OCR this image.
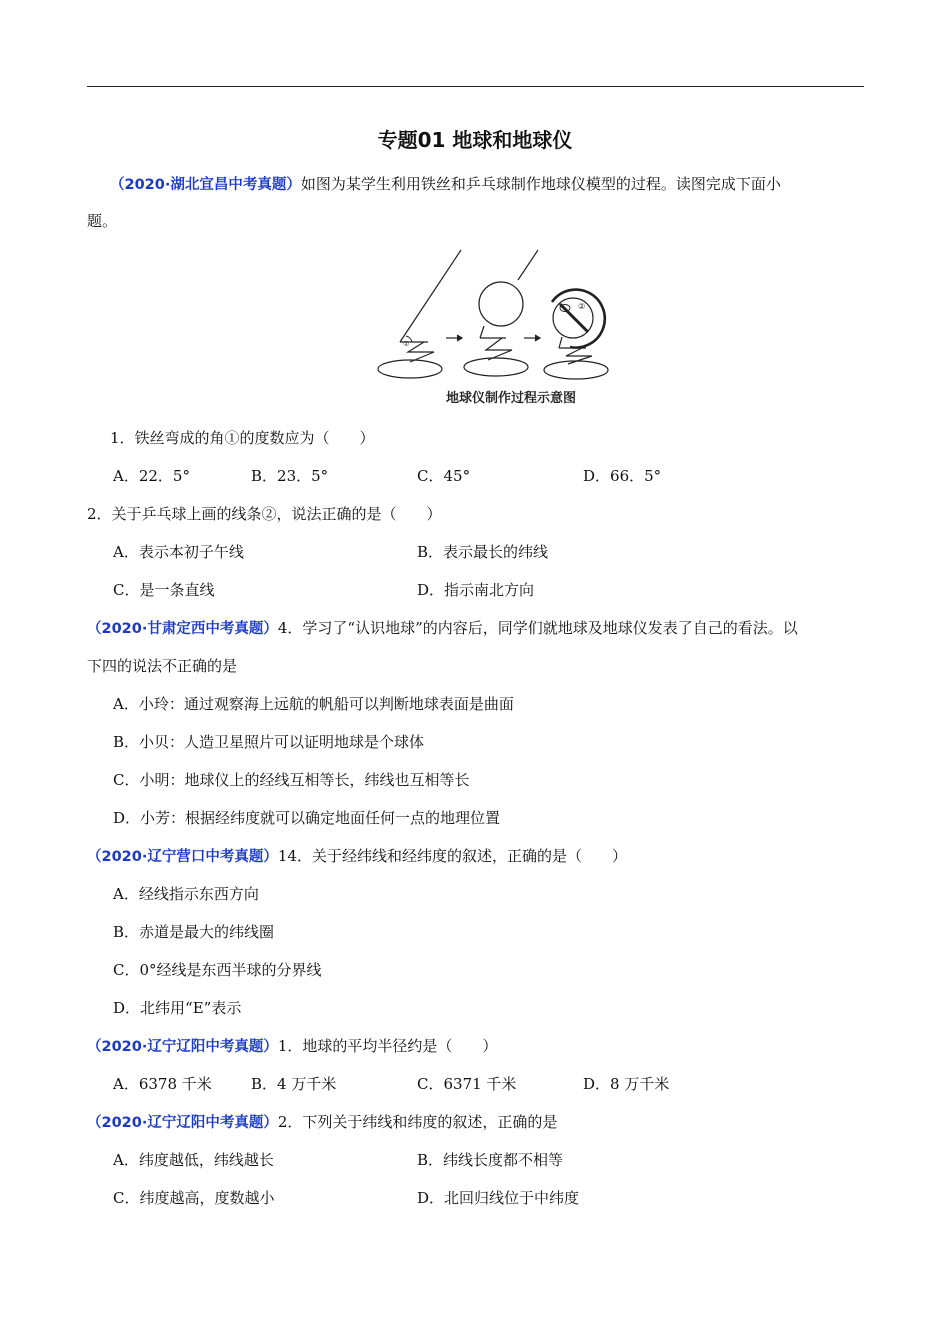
专题01 地球和地球仪
（2020·湖北宜昌中考真题）如图为某学生利用铁丝和乒乓球制作地球仪模型的过程。读图完成下面小
题。
①
②
地球仪制作过程示意图
1．铁丝弯成的角①的度数应为（　　）
A．22．5°	B．23．5°	C．45°	D．66．5°
2．关于乒乓球上画的线条②，说法正确的是（　　）
A．表示本初子午线	B．表示最长的纬线
C．是一条直线	D．指示南北方向
（2020·甘肃定西中考真题）4．学习了“认识地球”的内容后，同学们就地球及地球仪发表了自己的看法。以
下四的说法不正确的是
A．小玲：通过观察海上远航的帆船可以判断地球表面是曲面
B．小贝：人造卫星照片可以证明地球是个球体
C．小明：地球仪上的经线互相等长，纬线也互相等长
D．小芳：根据经纬度就可以确定地面任何一点的地理位置
（2020·辽宁营口中考真题）14．关于经纬线和经纬度的叙述，正确的是（　　）
A．经线指示东西方向
B．赤道是最大的纬线圈
C．0°经线是东西半球的分界线
D．北纬用“E”表示
（2020·辽宁辽阳中考真题）1．地球的平均半径约是（　　）
A．6378 千米	B．4 万千米	C．6371 千米	D．8 万千米
（2020·辽宁辽阳中考真题）2．下列关于纬线和纬度的叙述，正确的是
A．纬度越低，纬线越长	B．纬线长度都不相等
C．纬度越高，度数越小	D．北回归线位于中纬度
